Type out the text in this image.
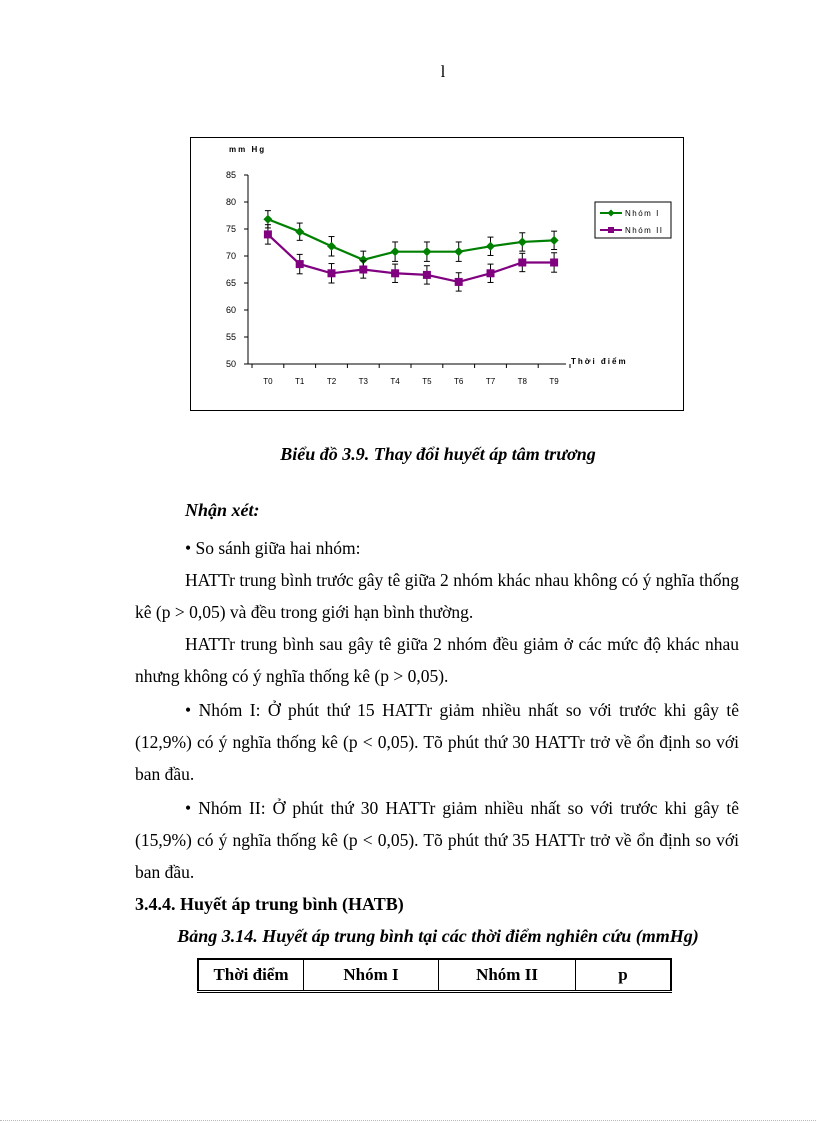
l
50
55
60
65
70
75
80
85
T0	T1	T2	T3	T4	T5	T6	T7	T8	T9
mm Hg
Thời điểm
Nhóm I
Nhóm II
Biểu đồ 3.9. Thay đổi huyết áp tâm trương
Nhận xét:
• So sánh giữa hai nhóm:
HATTr trung bình trước gây tê giữa 2 nhóm khác nhau không có ý nghĩa thống kê (p > 0,05) và đều trong giới hạn bình thường.
HATTr trung bình sau gây tê giữa 2 nhóm đều giảm ở các mức độ khác nhau nhưng không có ý nghĩa thống kê (p > 0,05).
• Nhóm I: Ở phút thứ 15 HATTr giảm nhiều nhất so với trước khi gây tê (12,9%) có ý nghĩa thống kê (p < 0,05). Tõ phút thứ 30 HATTr trở về ổn định so với ban đầu.
• Nhóm II: Ở phút thứ 30 HATTr giảm nhiều nhất so với trước khi gây tê (15,9%) có ý nghĩa thống kê (p < 0,05). Tõ phút thứ 35 HATTr trở về ổn định so với ban đầu.
3.4.4. Huyết áp trung bình (HATB)
Bảng 3.14. Huyết áp trung bình tại các thời điểm nghiên cứu (mmHg)
Thời điểm	Nhóm I	Nhóm II	p
